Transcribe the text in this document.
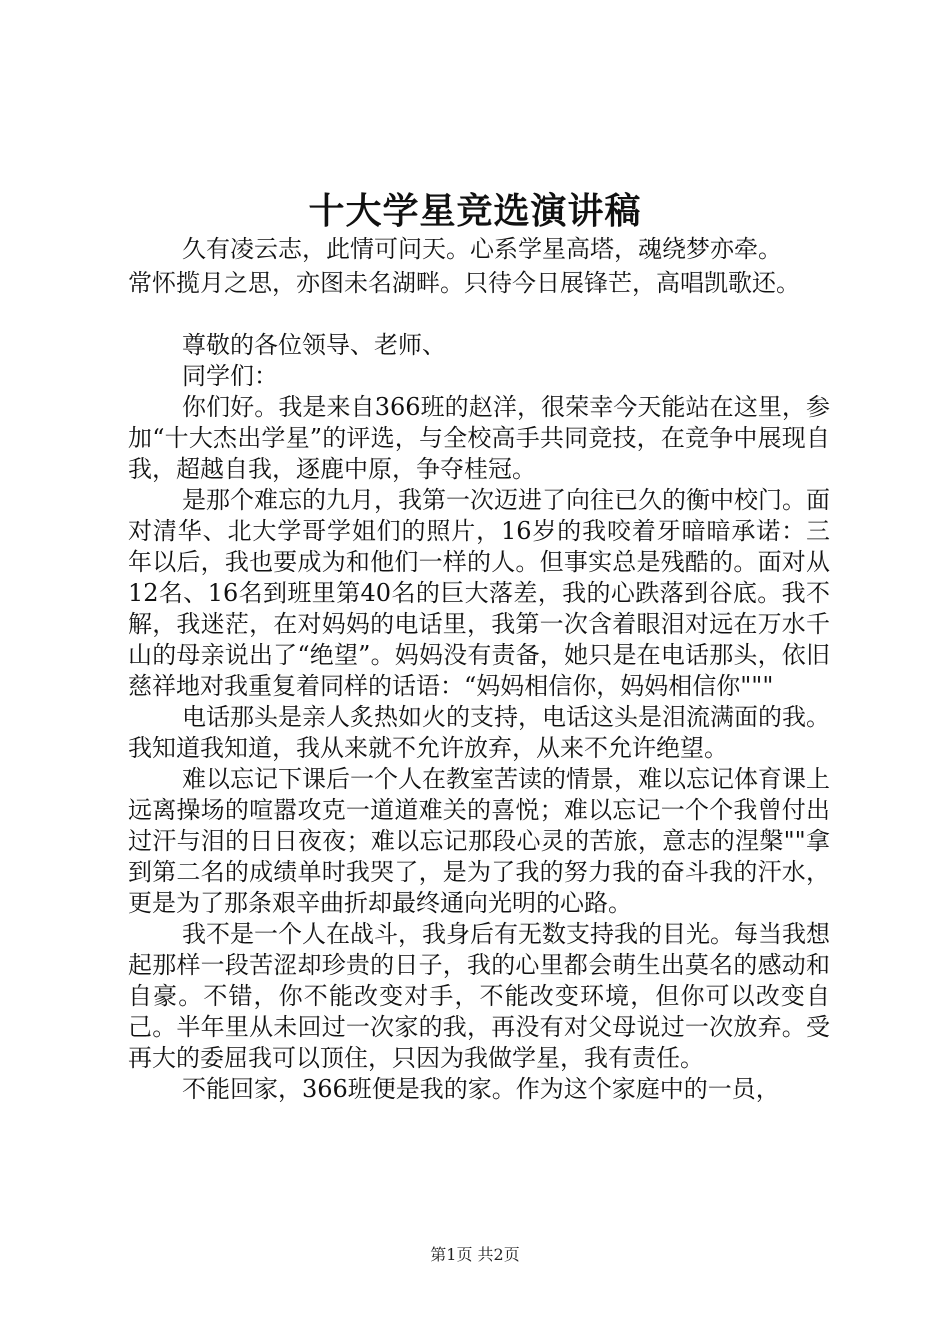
十大学星竞选演讲稿

久有凌云志，此情可问天。心系学星高塔，魂绕梦亦牵。

常怀揽月之思，亦图未名湖畔。只待今日展锋芒，高唱凯歌还。

尊敬的各位领导、老师、

同学们：

你们好。我是来自366班的赵洋，很荣幸今天能站在这里，参加“十大杰出学星”的评选，与全校高手共同竞技，在竞争中展现自我，超越自我，逐鹿中原，争夺桂冠。

是那个难忘的九月，我第一次迈进了向往已久的衡中校门。面对清华、北大学哥学姐们的照片，16岁的我咬着牙暗暗承诺：三年以后，我也要成为和他们一样的人。但事实总是残酷的。面对从12名、16名到班里第40名的巨大落差，我的心跌落到谷底。我不解，我迷茫，在对妈妈的电话里，我第一次含着眼泪对远在万水千山的母亲说出了“绝望”。妈妈没有责备，她只是在电话那头，依旧慈祥地对我重复着同样的话语：“妈妈相信你，妈妈相信你"""

电话那头是亲人炙热如火的支持，电话这头是泪流满面的我。我知道我知道，我从来就不允许放弃，从来不允许绝望。

难以忘记下课后一个人在教室苦读的情景，难以忘记体育课上远离操场的喧嚣攻克一道道难关的喜悦；难以忘记一个个我曾付出过汗与泪的日日夜夜；难以忘记那段心灵的苦旅，意志的涅槃""拿到第二名的成绩单时我哭了，是为了我的努力我的奋斗我的汗水，更是为了那条艰辛曲折却最终通向光明的心路。

我不是一个人在战斗，我身后有无数支持我的目光。每当我想起那样一段苦涩却珍贵的日子，我的心里都会萌生出莫名的感动和自豪。不错，你不能改变对手，不能改变环境，但你可以改变自己。半年里从未回过一次家的我，再没有对父母说过一次放弃。受再大的委屈我可以顶住，只因为我做学星，我有责任。

不能回家，366班便是我的家。作为这个家庭中的一员，

第1页 共2页
